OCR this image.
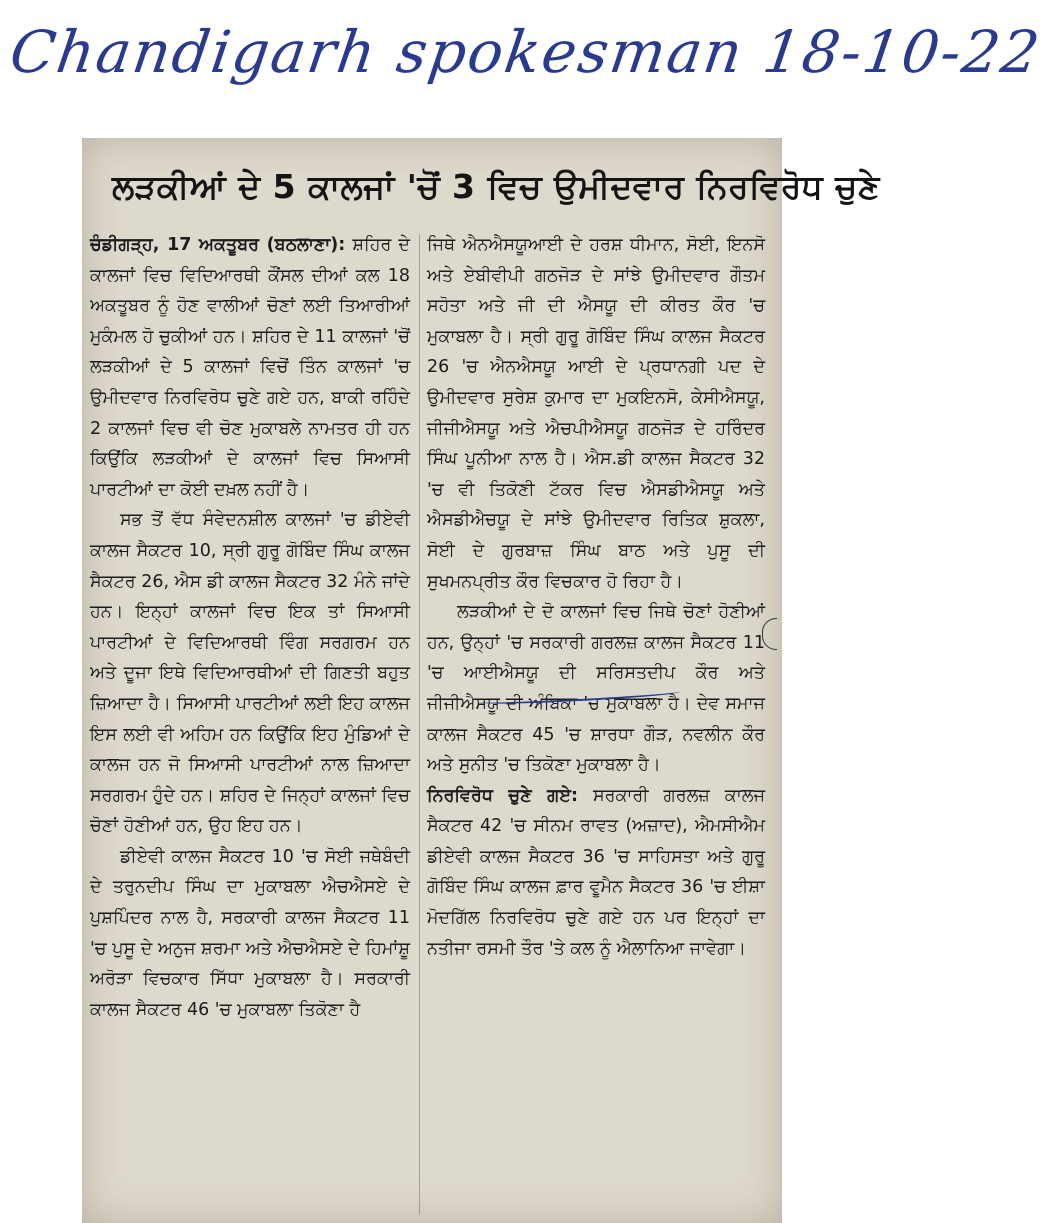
Chandigarh spokesman 18-10-22
ਲੜਕੀਆਂ ਦੇ 5 ਕਾਲਜਾਂ 'ਚੋਂ 3 ਵਿਚ ਉਮੀਦਵਾਰ ਨਿਰਵਿਰੋਧ ਚੁਣੇ

ਚੰਡੀਗੜ੍ਹ, 17 ਅਕਤੂਬਰ (ਬਠਲਾਣਾ): ਸ਼ਹਿਰ ਦੇ ਕਾਲਜਾਂ ਵਿਚ ਵਿਦਿਆਰਥੀ ਕੌਂਸਲ ਦੀਆਂ ਕਲ 18 ਅਕਤੂਬਰ ਨੂੰ ਹੋਣ ਵਾਲੀਆਂ ਚੋਣਾਂ ਲਈ ਤਿਆਰੀਆਂ ਮੁਕੰਮਲ ਹੋ ਚੁਕੀਆਂ ਹਨ। ਸ਼ਹਿਰ ਦੇ 11 ਕਾਲਜਾਂ 'ਚੋਂ ਲੜਕੀਆਂ ਦੇ 5 ਕਾਲਜਾਂ ਵਿਚੋਂ ਤਿੰਨ ਕਾਲਜਾਂ 'ਚ ਉਮੀਦਵਾਰ ਨਿਰਵਿਰੋਧ ਚੁਣੇ ਗਏ ਹਨ, ਬਾਕੀ ਰਹਿੰਦੇ 2 ਕਾਲਜਾਂ ਵਿਚ ਵੀ ਚੋਣ ਮੁਕਾਬਲੇ ਨਾਮਤਰ ਹੀ ਹਨ ਕਿਉਂਕਿ ਲੜਕੀਆਂ ਦੇ ਕਾਲਜਾਂ ਵਿਚ ਸਿਆਸੀ ਪਾਰਟੀਆਂ ਦਾ ਕੋਈ ਦਖ਼ਲ ਨਹੀਂ ਹੈ।

ਸਭ ਤੋਂ ਵੱਧ ਸੰਵੇਦਨਸ਼ੀਲ ਕਾਲਜਾਂ 'ਚ ਡੀਏਵੀ ਕਾਲਜ ਸੈਕਟਰ 10, ਸ੍ਰੀ ਗੁਰੂ ਗੋਬਿੰਦ ਸਿੰਘ ਕਾਲਜ ਸੈਕਟਰ 26, ਐਸ ਡੀ ਕਾਲਜ ਸੈਕਟਰ 32 ਮੰਨੇ ਜਾਂਦੇ ਹਨ। ਇਨ੍ਹਾਂ ਕਾਲਜਾਂ ਵਿਚ ਇਕ ਤਾਂ ਸਿਆਸੀ ਪਾਰਟੀਆਂ ਦੇ ਵਿਦਿਆਰਥੀ ਵਿੰਗ ਸਰਗਰਮ ਹਨ ਅਤੇ ਦੂਜਾ ਇਥੇ ਵਿਦਿਆਰਥੀਆਂ ਦੀ ਗਿਣਤੀ ਬਹੁਤ ਜ਼ਿਆਦਾ ਹੈ। ਸਿਆਸੀ ਪਾਰਟੀਆਂ ਲਈ ਇਹ ਕਾਲਜ ਇਸ ਲਈ ਵੀ ਅਹਿਮ ਹਨ ਕਿਉਂਕਿ ਇਹ ਮੁੰਡਿਆਂ ਦੇ ਕਾਲਜ ਹਨ ਜੋ ਸਿਆਸੀ ਪਾਰਟੀਆਂ ਨਾਲ ਜ਼ਿਆਦਾ ਸਰਗਰਮ ਹੁੰਦੇ ਹਨ। ਸ਼ਹਿਰ ਦੇ ਜਿਨ੍ਹਾਂ ਕਾਲਜਾਂ ਵਿਚ ਚੋਣਾਂ ਹੋਣੀਆਂ ਹਨ, ਉਹ ਇਹ ਹਨ।

ਡੀਏਵੀ ਕਾਲਜ ਸੈਕਟਰ 10 'ਚ ਸੋਈ ਜਥੇਬੰਦੀ ਦੇ ਤਰੁਨਦੀਪ ਸਿੰਘ ਦਾ ਮੁਕਾਬਲਾ ਐਚਐਸਏ ਦੇ ਪੁਸ਼ਪਿੰਦਰ ਨਾਲ ਹੈ, ਸਰਕਾਰੀ ਕਾਲਜ ਸੈਕਟਰ 11 'ਚ ਪੁਸੂ ਦੇ ਅਨੁਜ ਸ਼ਰਮਾ ਅਤੇ ਐਚਐਸਏ ਦੇ ਹਿਮਾਂਸ਼ੂ ਅਰੋੜਾ ਵਿਚਕਾਰ ਸਿੱਧਾ ਮੁਕਾਬਲਾ ਹੈ। ਸਰਕਾਰੀ ਕਾਲਜ ਸੈਕਟਰ 46 'ਚ ਮੁਕਾਬਲਾ ਤਿਕੋਣਾ ਹੈ

ਜਿਥੇ ਐਨਐਸਯੂਆਈ ਦੇ ਹਰਸ਼ ਧੀਮਾਨ, ਸੋਈ, ਇਨਸੋ ਅਤੇ ਏਬੀਵੀਪੀ ਗਠਜੋੜ ਦੇ ਸਾਂਝੇ ਉਮੀਦਵਾਰ ਗੌਤਮ ਸਹੋਤਾ ਅਤੇ ਜੀ ਦੀ ਐਸਯੂ ਦੀ ਕੀਰਤ ਕੌਰ 'ਚ ਮੁਕਾਬਲਾ ਹੈ। ਸ੍ਰੀ ਗੁਰੂ ਗੋਬਿੰਦ ਸਿੰਘ ਕਾਲਜ ਸੈਕਟਰ 26 'ਚ ਐਨਐਸਯੂ ਆਈ ਦੇ ਪ੍ਰਧਾਨਗੀ ਪਦ ਦੇ ਉਮੀਦਵਾਰ ਸੁਰੇਸ਼ ਕੁਮਾਰ ਦਾ ਮੁਕਇਨਸੋ, ਕੇਸੀਐਸਯੂ, ਜੀਜੀਐਸਯੂ ਅਤੇ ਐਚਪੀਐਸਯੂ ਗਠਜੋੜ ਦੇ ਹਰਿੰਦਰ ਸਿੰਘ ਪੂਨੀਆ ਨਾਲ ਹੈ। ਐਸ.ਡੀ ਕਾਲਜ ਸੈਕਟਰ 32 'ਚ ਵੀ ਤਿਕੋਣੀ ਟੱਕਰ ਵਿਚ ਐਸਡੀਐਸਯੂ ਅਤੇ ਐਸਡੀਐਚਯੂ ਦੇ ਸਾਂਝੇ ਉਮੀਦਵਾਰ ਰਿਤਿਕ ਸ਼ੁਕਲਾ, ਸੋਈ ਦੇ ਗੁਰਬਾਜ਼ ਸਿੰਘ ਬਾਠ ਅਤੇ ਪੁਸੂ ਦੀ ਸੁਖਮਨਪ੍ਰੀਤ ਕੌਰ ਵਿਚਕਾਰ ਹੋ ਰਿਹਾ ਹੈ।

ਲੜਕੀਆਂ ਦੇ ਦੋ ਕਾਲਜਾਂ ਵਿਚ ਜਿਥੇ ਚੋਣਾਂ ਹੋਣੀਆਂ ਹਨ, ਉਨ੍ਹਾਂ 'ਚ ਸਰਕਾਰੀ ਗਰਲਜ਼ ਕਾਲਜ ਸੈਕਟਰ 11 'ਚ ਆਈਐਸਯੂ ਦੀ ਸਰਿਸਤਦੀਪ ਕੌਰ ਅਤੇ ਜੀਜੀਐਸਯੂ ਦੀ ਅੰਬਿਕਾ 'ਚ ਮੁਕਾਬਲਾ ਹੈ। ਦੇਵ ਸਮਾਜ ਕਾਲਜ ਸੈਕਟਰ 45 'ਚ ਸ਼ਾਰਧਾ ਗੌੜ, ਨਵਲੀਨ ਕੌਰ ਅਤੇ ਸੁਨੀਤ 'ਚ ਤਿਕੋਣਾ ਮੁਕਾਬਲਾ ਹੈ।

ਨਿਰਵਿਰੋਧ ਚੁਣੇ ਗਏ: ਸਰਕਾਰੀ ਗਰਲਜ਼ ਕਾਲਜ ਸੈਕਟਰ 42 'ਚ ਸੀਨਮ ਰਾਵਤ (ਅਜ਼ਾਦ), ਐਮਸੀਐਮ ਡੀਏਵੀ ਕਾਲਜ ਸੈਕਟਰ 36 'ਚ ਸਾਹਿਸਤਾ ਅਤੇ ਗੁਰੂ ਗੋਬਿੰਦ ਸਿੰਘ ਕਾਲਜ ਫ਼ਾਰ ਵੂਮੈਨ ਸੈਕਟਰ 36 'ਚ ਈਸ਼ਾ ਮੋਦਗਿੱਲ ਨਿਰਵਿਰੋਧ ਚੁਣੇ ਗਏ ਹਨ ਪਰ ਇਨ੍ਹਾਂ ਦਾ ਨਤੀਜਾ ਰਸਮੀ ਤੌਰ 'ਤੇ ਕਲ ਨੂੰ ਐਲਾਨਿਆ ਜਾਵੇਗਾ।
